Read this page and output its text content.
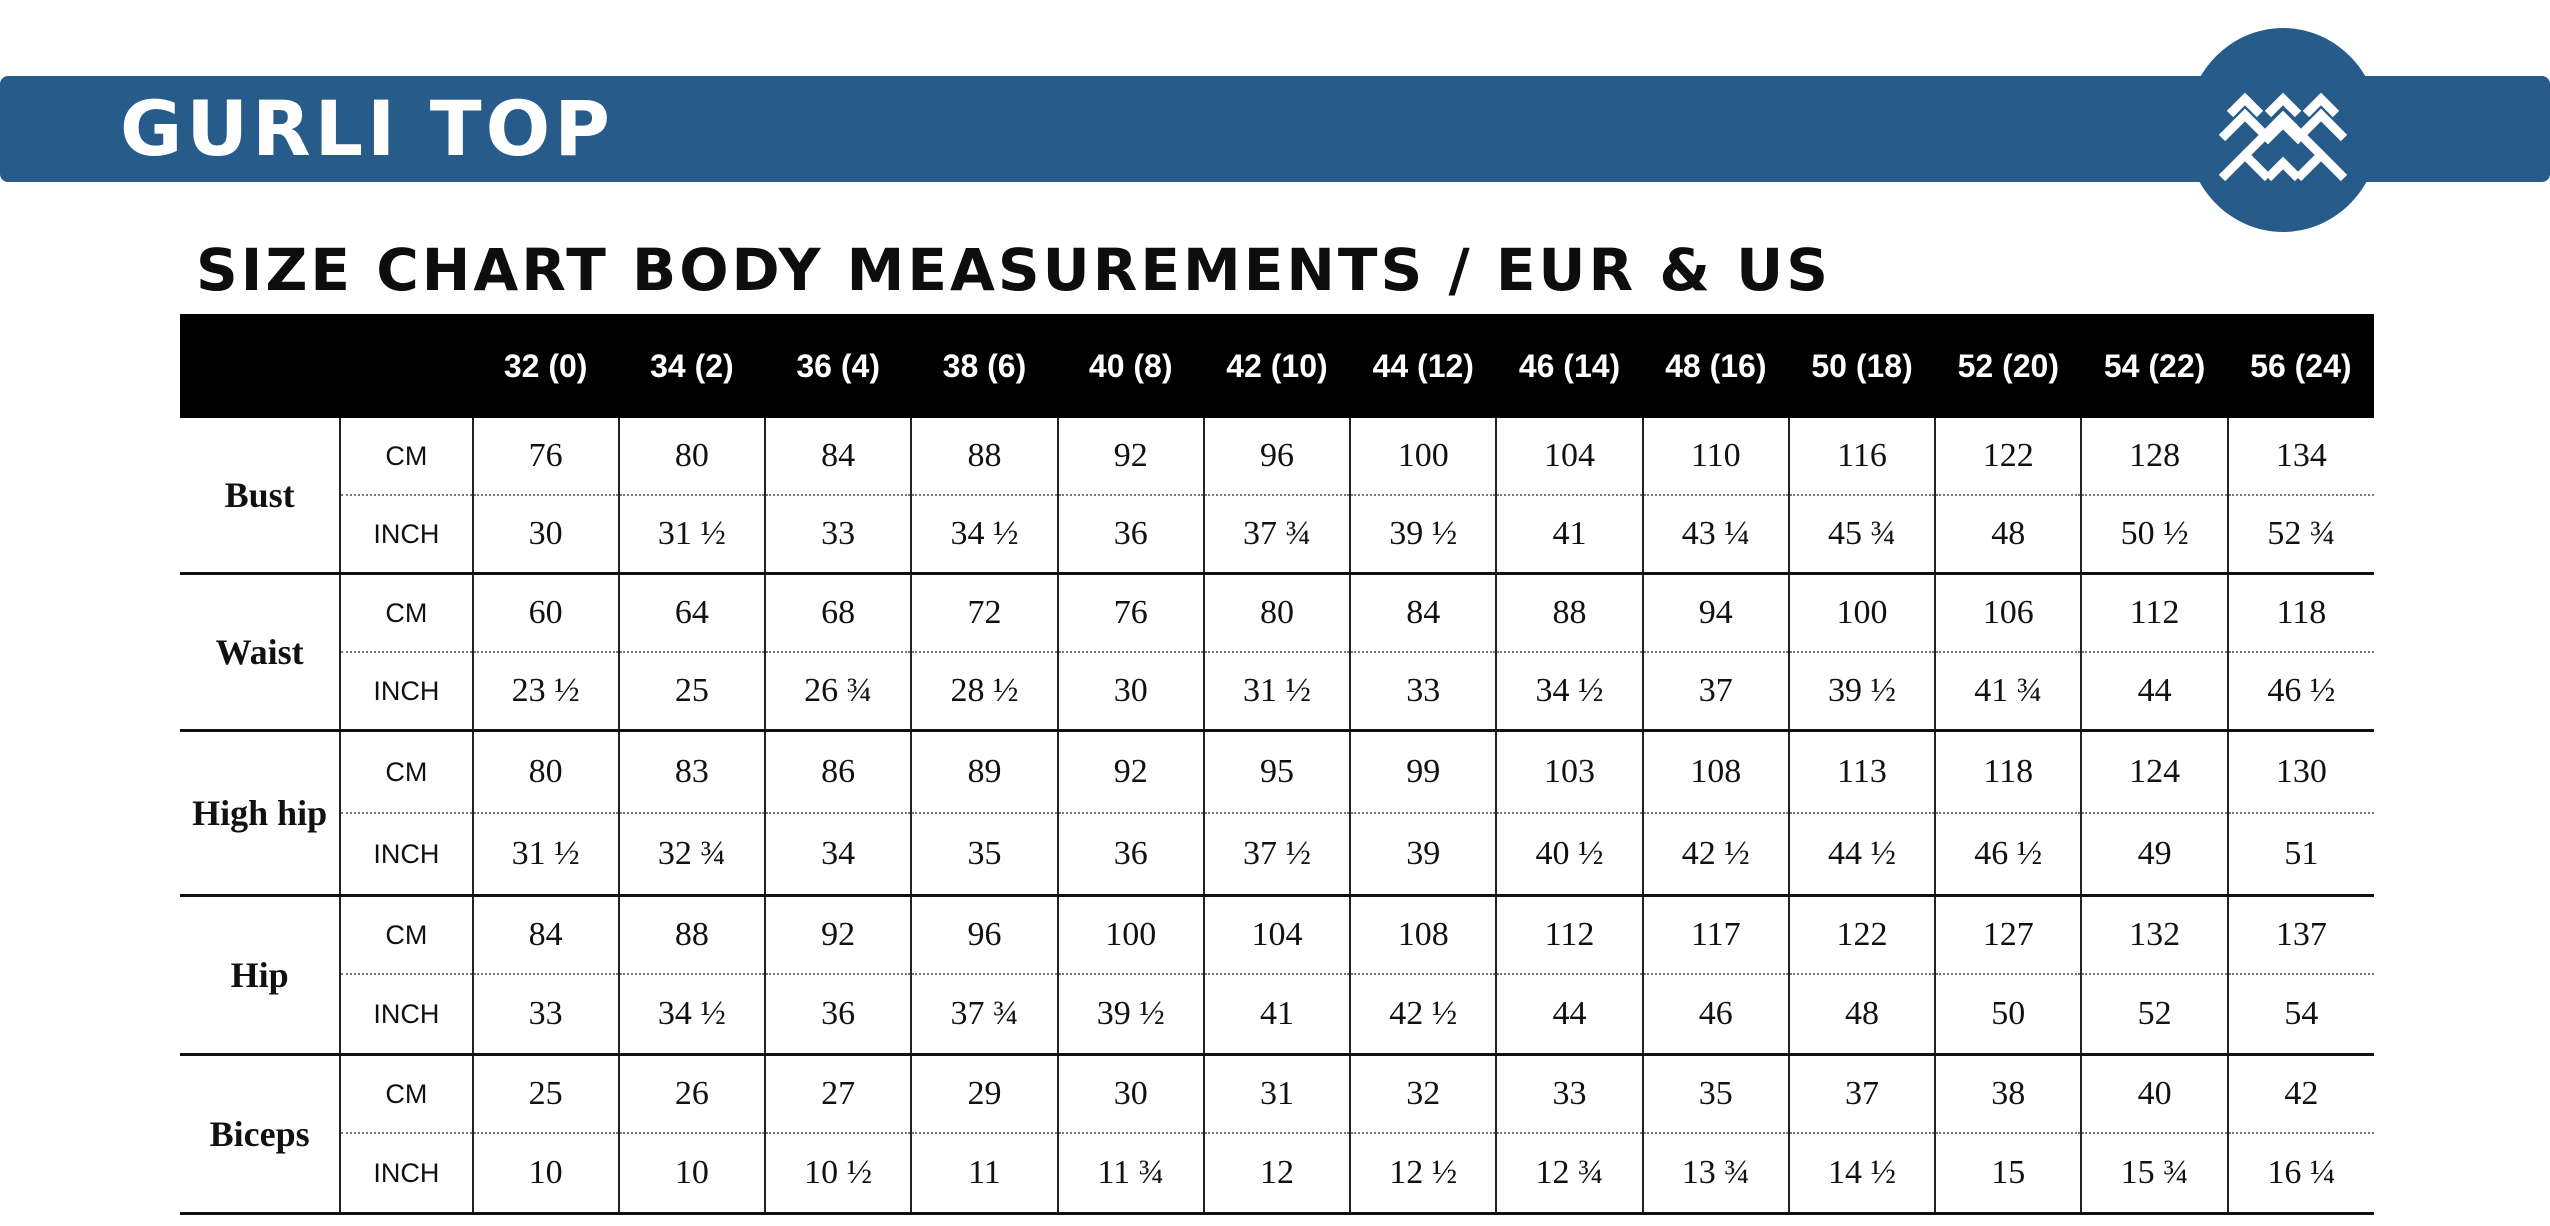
GURLI TOP
SIZE CHART BODY MEASUREMENTS / EUR & US
		32 (0)	34 (2)	36 (4)	38 (6)	40 (8)	42 (10)	44 (12)	46 (14)	48 (16)	50 (18)	52 (20)	54 (22)	56 (24)
Bust	CM	76	80	84	88	92	96	100	104	110	116	122	128	134
	INCH	30	31 ½	33	34 ½	36	37 ¾	39 ½	41	43 ¼	45 ¾	48	50 ½	52 ¾
Waist	CM	60	64	68	72	76	80	84	88	94	100	106	112	118
	INCH	23 ½	25	26 ¾	28 ½	30	31 ½	33	34 ½	37	39 ½	41 ¾	44	46 ½
High hip	CM	80	83	86	89	92	95	99	103	108	113	118	124	130
	INCH	31 ½	32 ¾	34	35	36	37 ½	39	40 ½	42 ½	44 ½	46 ½	49	51
Hip	CM	84	88	92	96	100	104	108	112	117	122	127	132	137
	INCH	33	34 ½	36	37 ¾	39 ½	41	42 ½	44	46	48	50	52	54
Biceps	CM	25	26	27	29	30	31	32	33	35	37	38	40	42
	INCH	10	10	10 ½	11	11 ¾	12	12 ½	12 ¾	13 ¾	14 ½	15	15 ¾	16 ¼
